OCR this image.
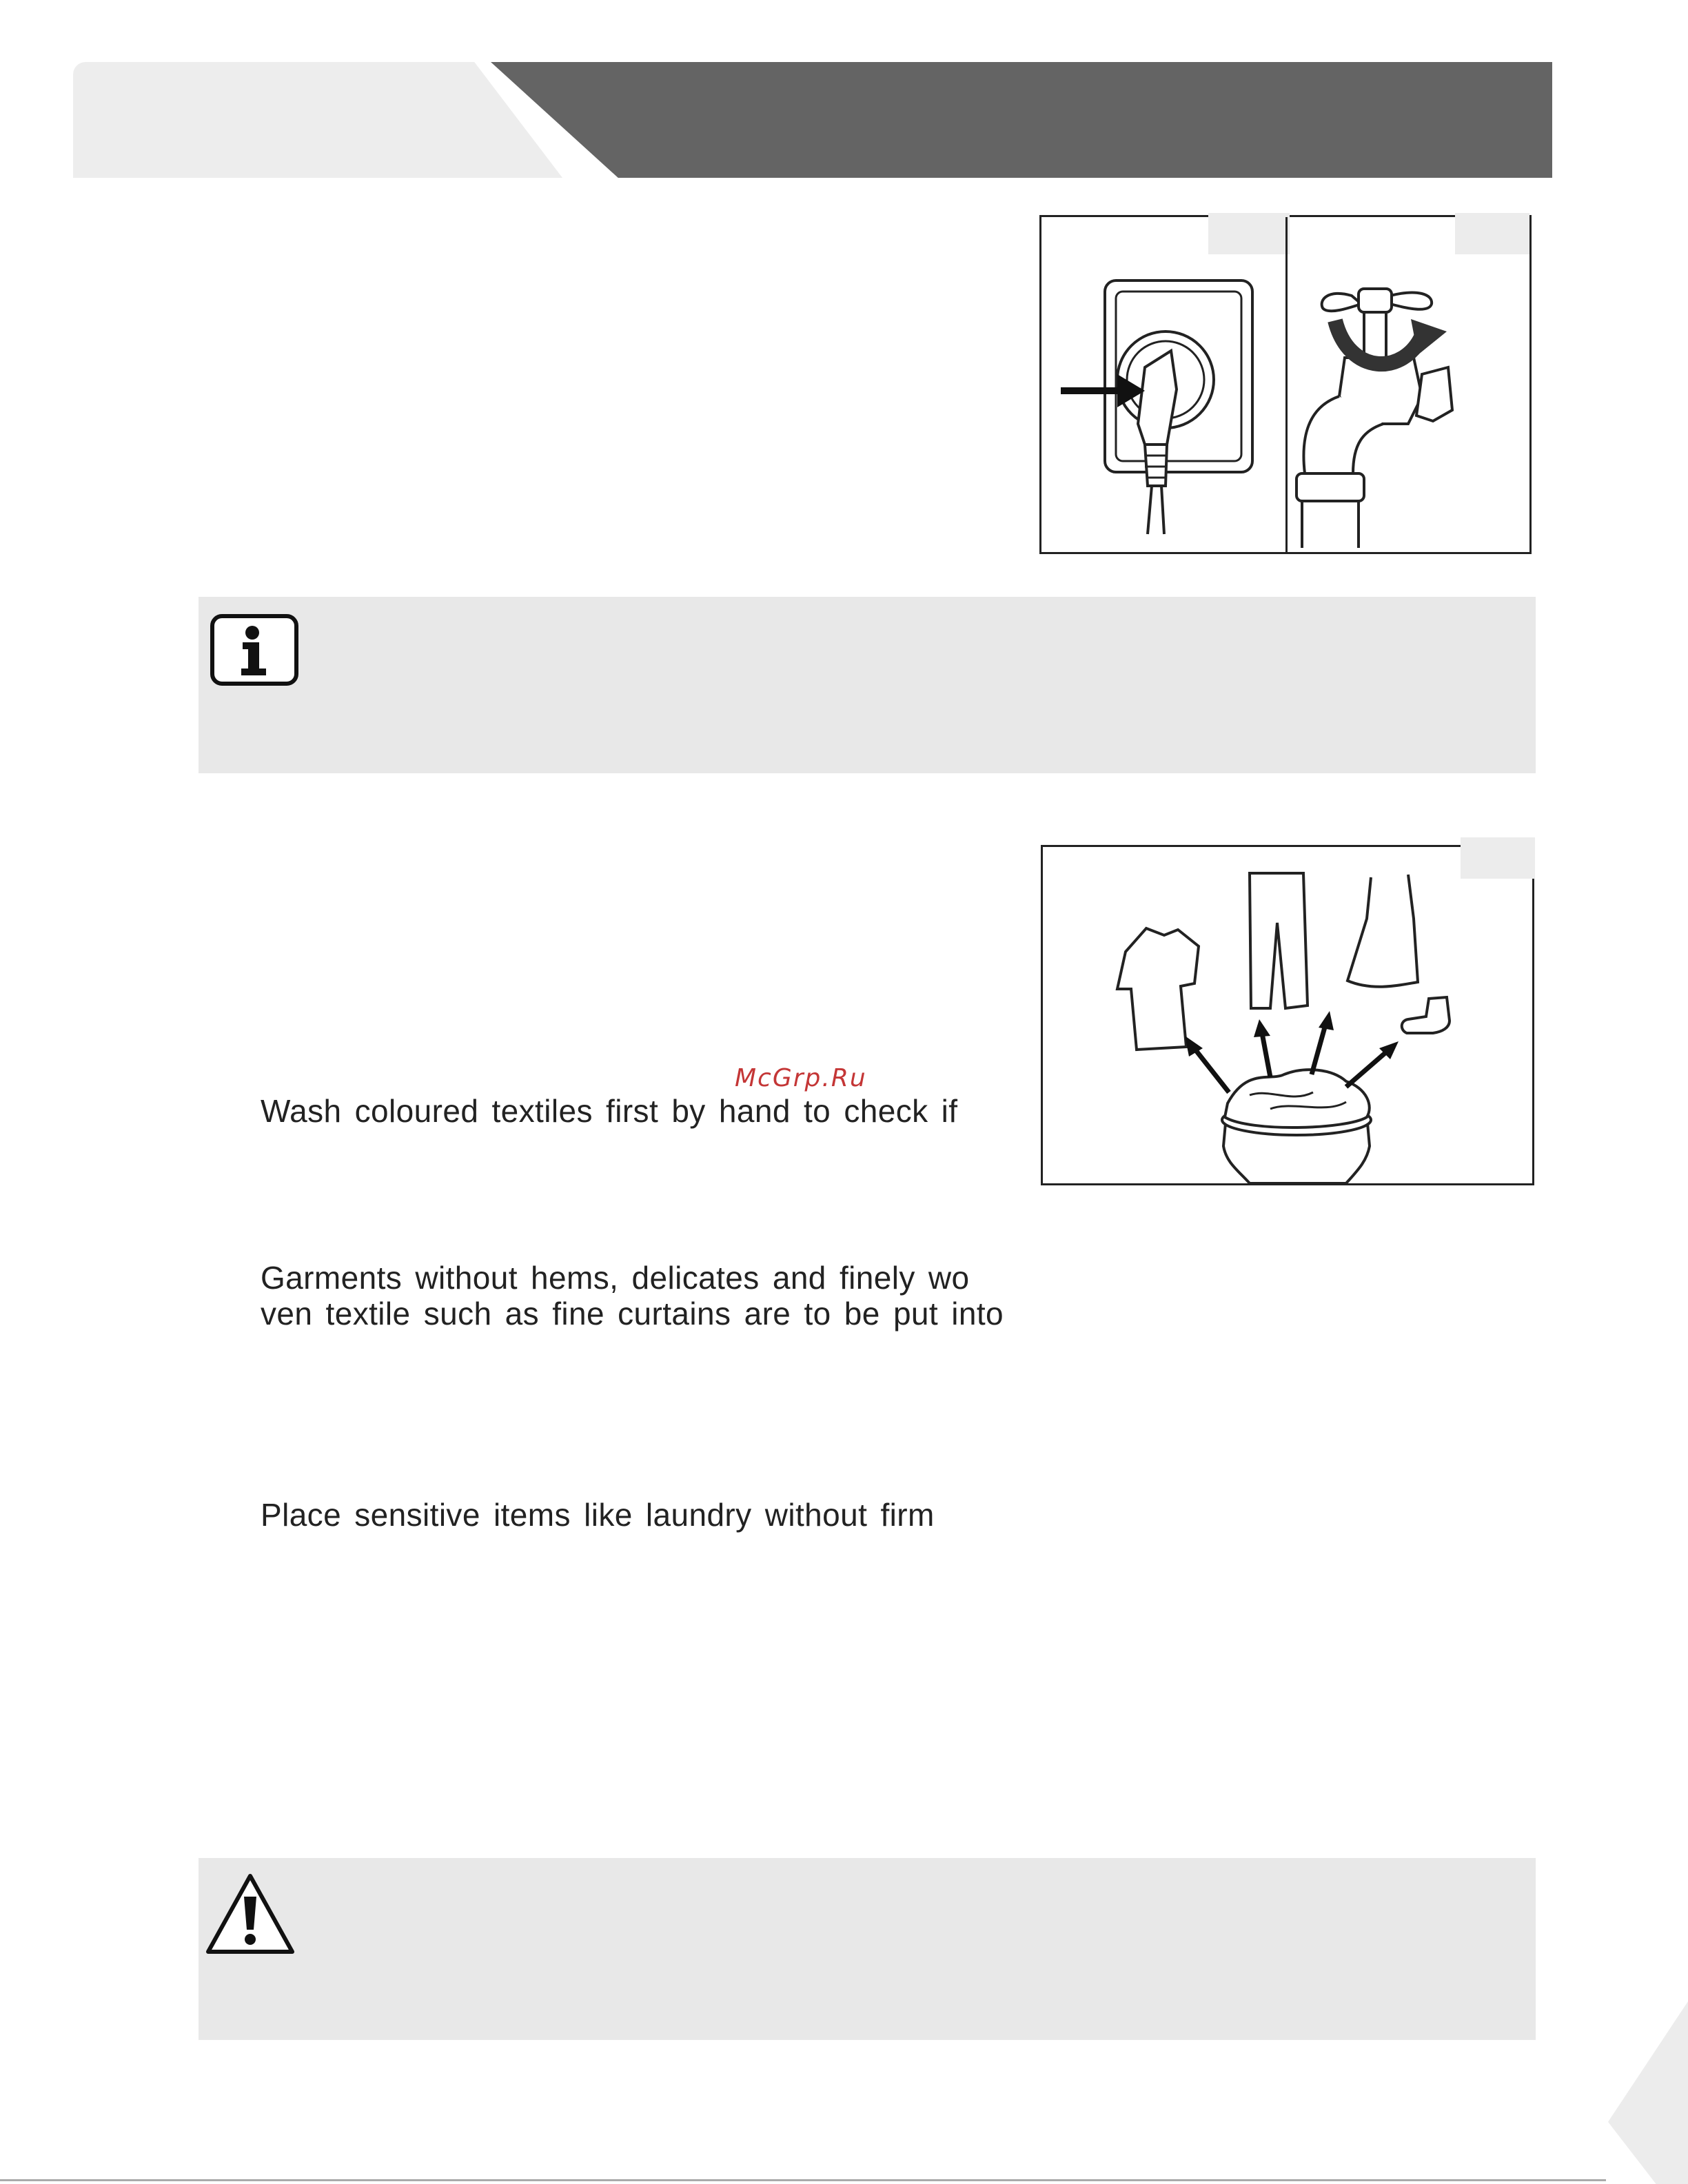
McGrp.Ru
Wash coloured textiles first by hand to check if
Garments without hems, delicates and finely wo
ven textile such as fine curtains are to be put into
Place sensitive items like laundry without firm
